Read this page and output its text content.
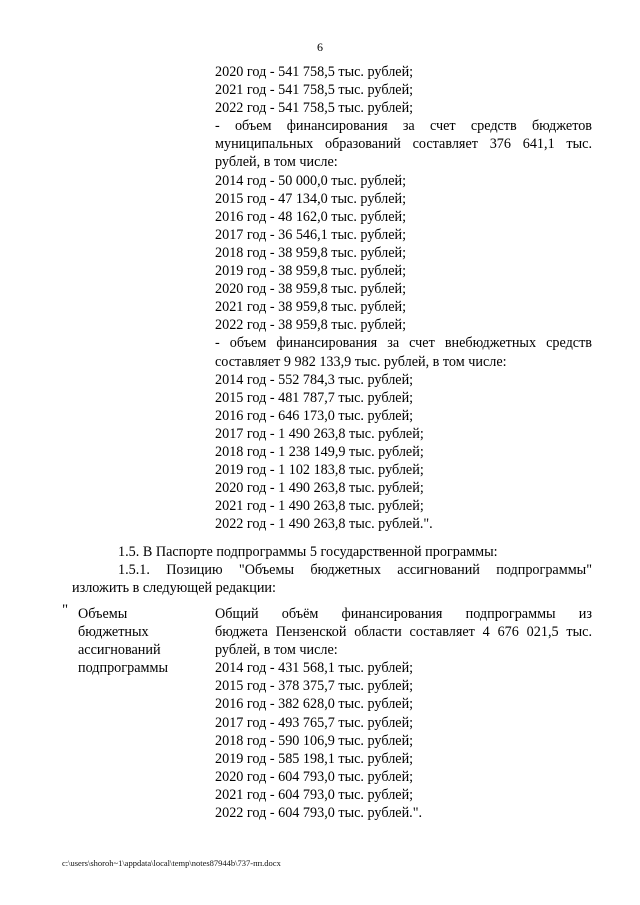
6
2020 год - 541 758,5 тыс. рублей;
2021 год - 541 758,5 тыс. рублей;
2022 год - 541 758,5 тыс. рублей;
- объем финансирования за счет средств бюджетов
муниципальных образований составляет 376 641,1 тыс.
рублей, в том числе:
2014 год - 50 000,0 тыс. рублей;
2015 год - 47 134,0 тыс. рублей;
2016 год - 48 162,0 тыс. рублей;
2017 год - 36 546,1 тыс. рублей;
2018 год - 38 959,8 тыс. рублей;
2019 год - 38 959,8 тыс. рублей;
2020 год - 38 959,8 тыс. рублей;
2021 год - 38 959,8 тыс. рублей;
2022 год - 38 959,8 тыс. рублей;
- объем финансирования за счет внебюджетных средств
составляет 9 982 133,9 тыс. рублей, в том числе:
2014 год - 552 784,3 тыс. рублей;
2015 год - 481 787,7 тыс. рублей;
2016 год - 646 173,0 тыс. рублей;
2017 год - 1 490 263,8 тыс. рублей;
2018 год - 1 238 149,9 тыс. рублей;
2019 год - 1 102 183,8 тыс. рублей;
2020 год - 1 490 263,8 тыс. рублей;
2021 год - 1 490 263,8 тыс. рублей;
2022 год - 1 490 263,8 тыс. рублей.".
1.5. В Паспорте подпрограммы 5 государственной программы:
1.5.1. Позицию "Объемы бюджетных ассигнований подпрограммы"
изложить в следующей редакции:
" Объемы
бюджетных
ассигнований
подпрограммы
Общий объём финансирования подпрограммы из
бюджета Пензенской области составляет 4 676 021,5 тыс.
рублей, в том числе:
2014 год - 431 568,1 тыс. рублей;
2015 год - 378 375,7 тыс. рублей;
2016 год - 382 628,0 тыс. рублей;
2017 год - 493 765,7 тыс. рублей;
2018 год - 590 106,9 тыс. рублей;
2019 год - 585 198,1 тыс. рублей;
2020 год - 604 793,0 тыс. рублей;
2021 год - 604 793,0 тыс. рублей;
2022 год - 604 793,0 тыс. рублей.".
c:\users\shoroh~1\appdata\local\temp\notes87944b\737-пп.docx
